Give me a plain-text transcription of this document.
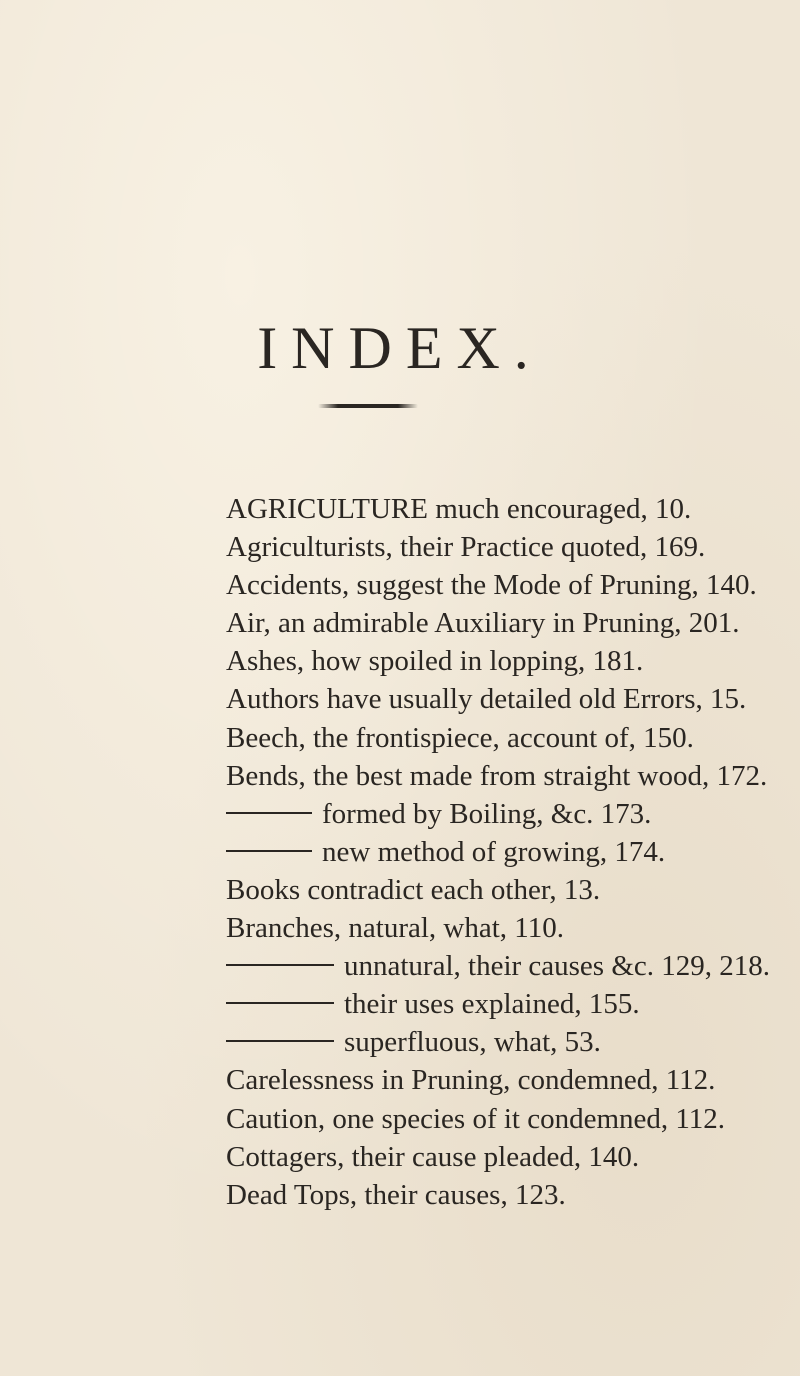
INDEX.
AGRICULTURE much encouraged, 10.
Agriculturists, their Practice quoted, 169.
Accidents, suggest the Mode of Pruning, 140.
Air, an admirable Auxiliary in Pruning, 201.
Ashes, how spoiled in lopping, 181.
Authors have usually detailed old Errors, 15.
Beech, the frontispiece, account of, 150.
Bends, the best made from straight wood, 172.
formed by Boiling, &c. 173.
new method of growing, 174.
Books contradict each other, 13.
Branches, natural, what, 110.
unnatural, their causes &c. 129, 218.
their uses explained, 155.
superfluous, what, 53.
Carelessness in Pruning, condemned, 112.
Caution, one species of it condemned, 112.
Cottagers, their cause pleaded, 140.
Dead Tops, their causes, 123.
